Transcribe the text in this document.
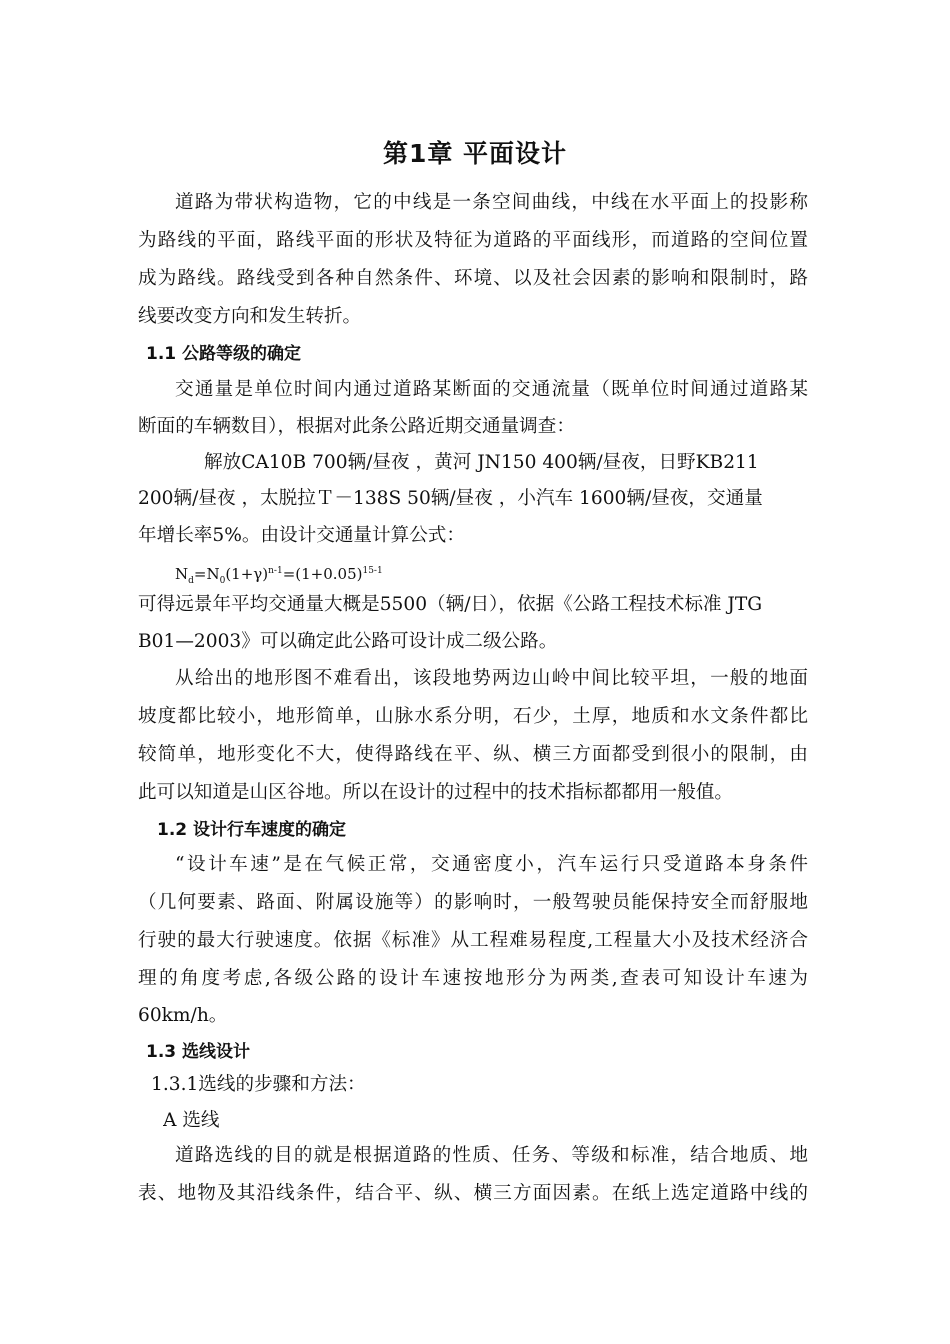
第1章 平面设计
道路为带状构造物，它的中线是一条空间曲线，中线在水平面上的投影称
为路线的平面，路线平面的形状及特征为道路的平面线形，而道路的空间位置
成为路线。路线受到各种自然条件、环境、以及社会因素的影响和限制时，路
线要改变方向和发生转折。
1.1 公路等级的确定
交通量是单位时间内通过道路某断面的交通流量（既单位时间通过道路某
断面的车辆数目），根据对此条公路近期交通量调查：
解放CA10B 700辆/昼夜 ，黄河 JN150 400辆/昼夜，日野KB211
200辆/昼夜 ，太脱拉Ｔ－138S 50辆/昼夜 ，小汽车 1600辆/昼夜，交通量
年增长率5%。由设计交通量计算公式：
$N_d=N_0(1+\gamma)^{n-1}=(1+0.05)^{15-1}$
可得远景年平均交通量大概是5500（辆/日），依据《公路工程技术标准 JTG
B01—2003》可以确定此公路可设计成二级公路。
从给出的地形图不难看出，该段地势两边山岭中间比较平坦，一般的地面
坡度都比较小，地形简单，山脉水系分明，石少，土厚，地质和水文条件都比
较简单，地形变化不大，使得路线在平、纵、横三方面都受到很小的限制，由
此可以知道是山区谷地。所以在设计的过程中的技术指标都都用一般值。
1.2 设计行车速度的确定
“设计车速”是在气候正常，交通密度小，汽车运行只受道路本身条件
（几何要素、路面、附属设施等）的影响时，一般驾驶员能保持安全而舒服地
行驶的最大行驶速度。依据《标准》从工程难易程度,工程量大小及技术经济合
理的角度考虑,各级公路的设计车速按地形分为两类,查表可知设计车速为
60km/h。
1.3 选线设计
1.3.1选线的步骤和方法：
A 选线
道路选线的目的就是根据道路的性质、任务、等级和标准，结合地质、地
表、地物及其沿线条件，结合平、纵、横三方面因素。在纸上选定道路中线的
